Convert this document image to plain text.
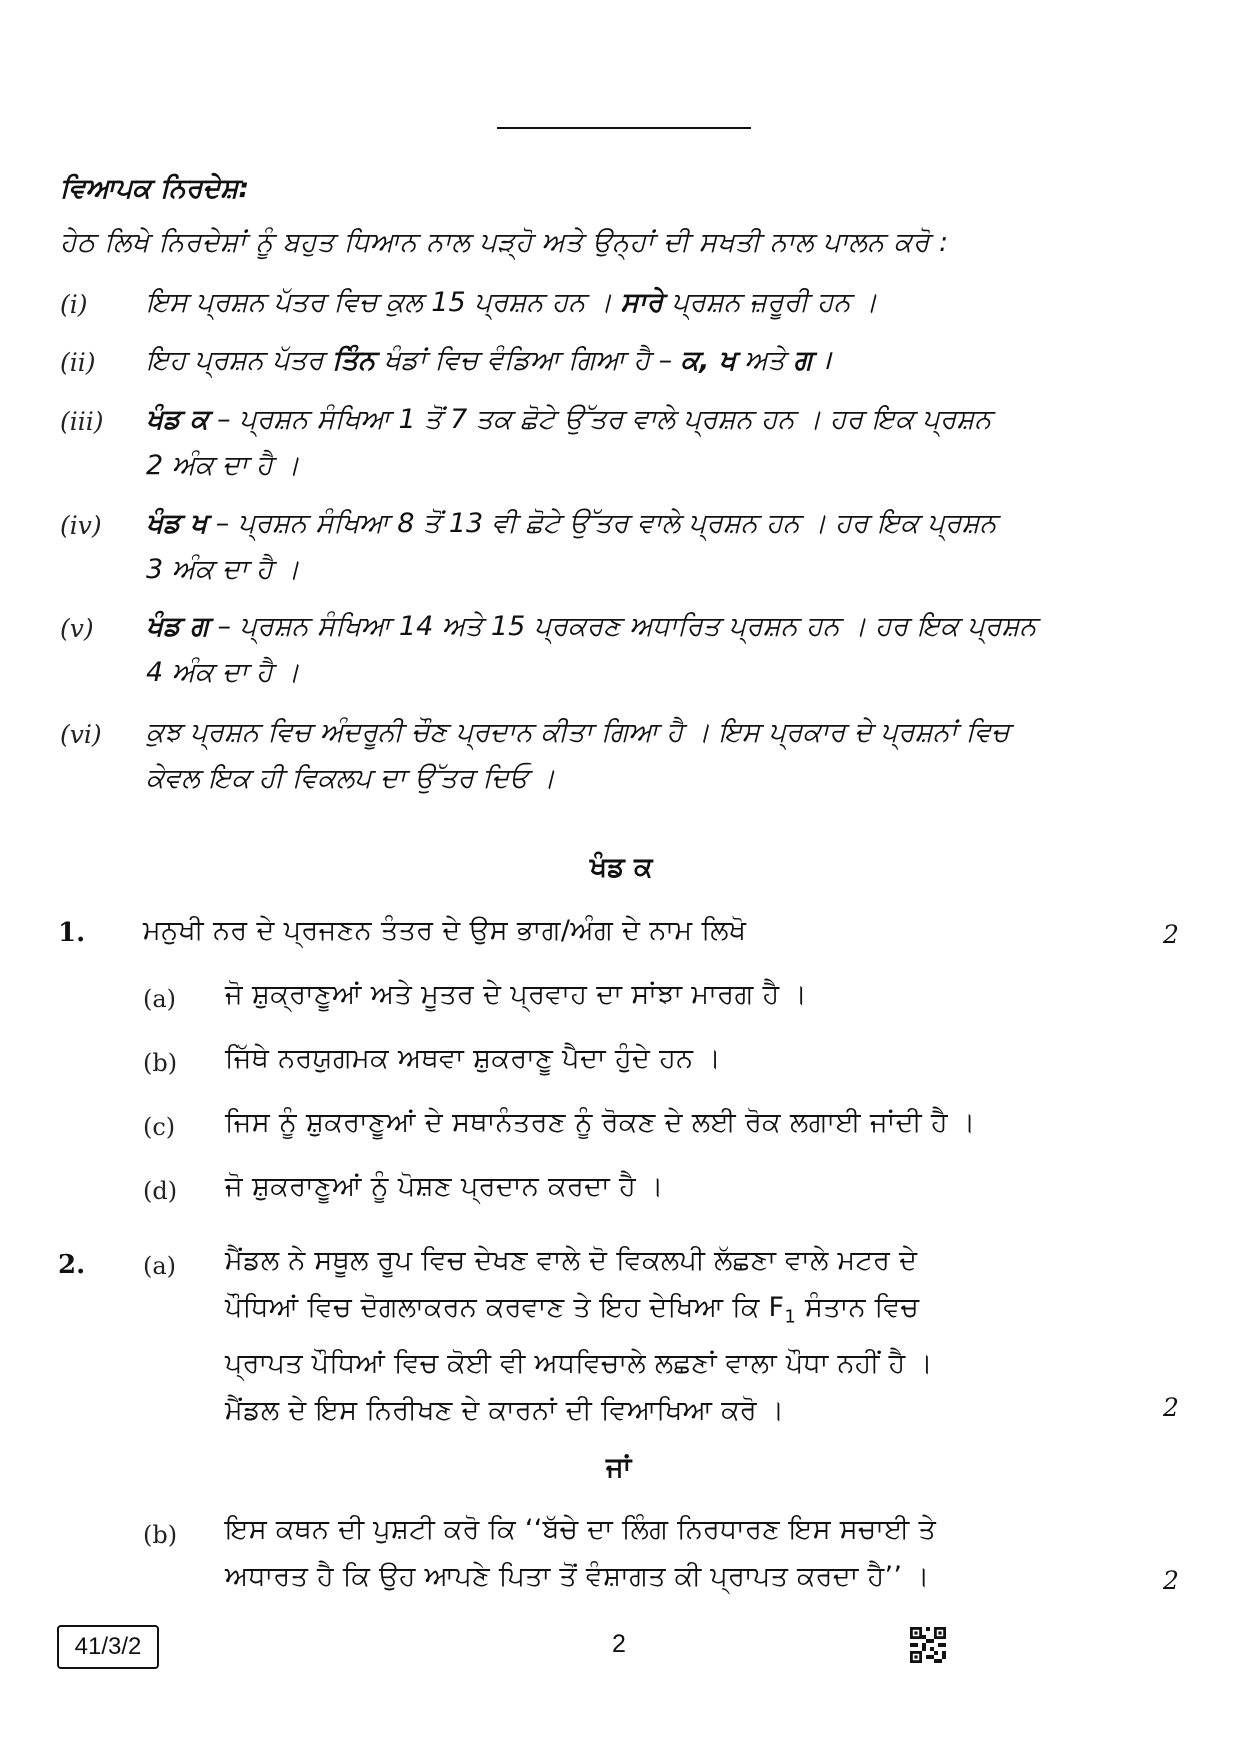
ਵਿਆਪਕ ਨਿਰਦੇਸ਼:
ਹੇਠ ਲਿਖੇ ਨਿਰਦੇਸ਼ਾਂ ਨੂੰ ਬਹੁਤ ਧਿਆਨ ਨਾਲ ਪੜ੍ਹੋ ਅਤੇ ਉਨ੍ਹਾਂ ਦੀ ਸਖਤੀ ਨਾਲ ਪਾਲਨ ਕਰੋ :
(i) ਇਸ ਪ੍ਰਸ਼ਨ ਪੱਤਰ ਵਿਚ ਕੁਲ 15 ਪ੍ਰਸ਼ਨ ਹਨ । ਸਾਰੇ ਪ੍ਰਸ਼ਨ ਜ਼ਰੂਰੀ ਹਨ ।
(ii) ਇਹ ਪ੍ਰਸ਼ਨ ਪੱਤਰ ਤਿੰਨ ਖੰਡਾਂ ਵਿਚ ਵੰਡਿਆ ਗਿਆ ਹੈ – ਕ, ਖ ਅਤੇ ਗ ।
(iii) ਖੰਡ ਕ – ਪ੍ਰਸ਼ਨ ਸੰਖਿਆ 1 ਤੋਂ 7 ਤਕ ਛੋਟੇ ਉੱਤਰ ਵਾਲੇ ਪ੍ਰਸ਼ਨ ਹਨ । ਹਰ ਇਕ ਪ੍ਰਸ਼ਨ
2 ਅੰਕ ਦਾ ਹੈ ।
(iv) ਖੰਡ ਖ – ਪ੍ਰਸ਼ਨ ਸੰਖਿਆ 8 ਤੋਂ 13 ਵੀ ਛੋਟੇ ਉੱਤਰ ਵਾਲੇ ਪ੍ਰਸ਼ਨ ਹਨ । ਹਰ ਇਕ ਪ੍ਰਸ਼ਨ
3 ਅੰਕ ਦਾ ਹੈ ।
(v) ਖੰਡ ਗ – ਪ੍ਰਸ਼ਨ ਸੰਖਿਆ 14 ਅਤੇ 15 ਪ੍ਰਕਰਣ ਅਧਾਰਿਤ ਪ੍ਰਸ਼ਨ ਹਨ । ਹਰ ਇਕ ਪ੍ਰਸ਼ਨ
4 ਅੰਕ ਦਾ ਹੈ ।
(vi) ਕੁਝ ਪ੍ਰਸ਼ਨ ਵਿਚ ਅੰਦਰੂਨੀ ਚੌਣ ਪ੍ਰਦਾਨ ਕੀਤਾ ਗਿਆ ਹੈ । ਇਸ ਪ੍ਰਕਾਰ ਦੇ ਪ੍ਰਸ਼ਨਾਂ ਵਿਚ
ਕੇਵਲ ਇਕ ਹੀ ਵਿਕਲਪ ਦਾ ਉੱਤਰ ਦਿਓ ।
ਖੰਡ ਕ
1. ਮਨੁਖੀ ਨਰ ਦੇ ਪ੍ਰਜਣਨ ਤੰਤਰ ਦੇ ਉਸ ਭਾਗ/ਅੰਗ ਦੇ ਨਾਮ ਲਿਖੋ	2
(a) ਜੋ ਸ਼ੁਕ੍ਰਾਣੂਆਂ ਅਤੇ ਮੂਤਰ ਦੇ ਪ੍ਰਵਾਹ ਦਾ ਸਾਂਝਾ ਮਾਰਗ ਹੈ ।
(b) ਜਿੱਥੇ ਨਰਯੁਗਮਕ ਅਥਵਾ ਸ਼ੁਕਰਾਣੂ ਪੈਦਾ ਹੁੰਦੇ ਹਨ ।
(c) ਜਿਸ ਨੂੰ ਸ਼ੁਕਰਾਣੂਆਂ ਦੇ ਸਥਾਨੰਤਰਣ ਨੂੰ ਰੋਕਣ ਦੇ ਲਈ ਰੋਕ ਲਗਾਈ ਜਾਂਦੀ ਹੈ ।
(d) ਜੋ ਸ਼ੁਕਰਾਣੂਆਂ ਨੂੰ ਪੋਸ਼ਣ ਪ੍ਰਦਾਨ ਕਰਦਾ ਹੈ ।
2. (a) ਮੈਂਡਲ ਨੇ ਸਥੂਲ ਰੂਪ ਵਿਚ ਦੇਖਣ ਵਾਲੇ ਦੋ ਵਿਕਲਪੀ ਲੱਛਣਾ ਵਾਲੇ ਮਟਰ ਦੇ
ਪੌਧਿਆਂ ਵਿਚ ਦੋਗਲਾਕਰਨ ਕਰਵਾਣ ਤੇ ਇਹ ਦੇਖਿਆ ਕਿ $F_1$ ਸੰਤਾਨ ਵਿਚ
ਪ੍ਰਾਪਤ ਪੌਧਿਆਂ ਵਿਚ ਕੋਈ ਵੀ ਅਧਵਿਚਾਲੇ ਲਛਣਾਂ ਵਾਲਾ ਪੌਧਾ ਨਹੀਂ ਹੈ ।
ਮੈਂਡਲ ਦੇ ਇਸ ਨਿਰੀਖਣ ਦੇ ਕਾਰਨਾਂ ਦੀ ਵਿਆਖਿਆ ਕਰੋ ।	2
ਜਾਂ
(b) ਇਸ ਕਥਨ ਦੀ ਪੁਸ਼ਟੀ ਕਰੋ ਕਿ ‘‘ਬੱਚੇ ਦਾ ਲਿੰਗ ਨਿਰਧਾਰਣ ਇਸ ਸਚਾਈ ਤੇ
ਅਧਾਰਤ ਹੈ ਕਿ ਉਹ ਆਪਣੇ ਪਿਤਾ ਤੋਂ ਵੰਸ਼ਾਗਤ ਕੀ ਪ੍ਰਾਪਤ ਕਰਦਾ ਹੈ’’ ।	2
41/3/2	2
